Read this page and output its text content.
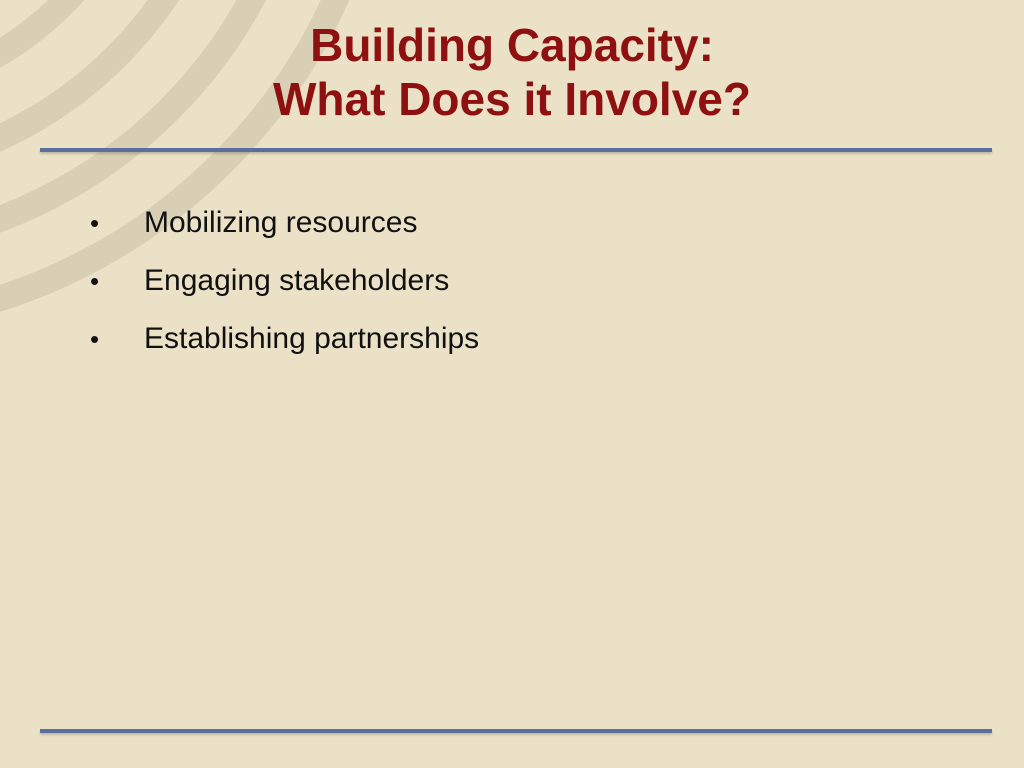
Building Capacity:
What Does it Involve?
•	Mobilizing resources
•	Engaging stakeholders
•	Establishing partnerships
